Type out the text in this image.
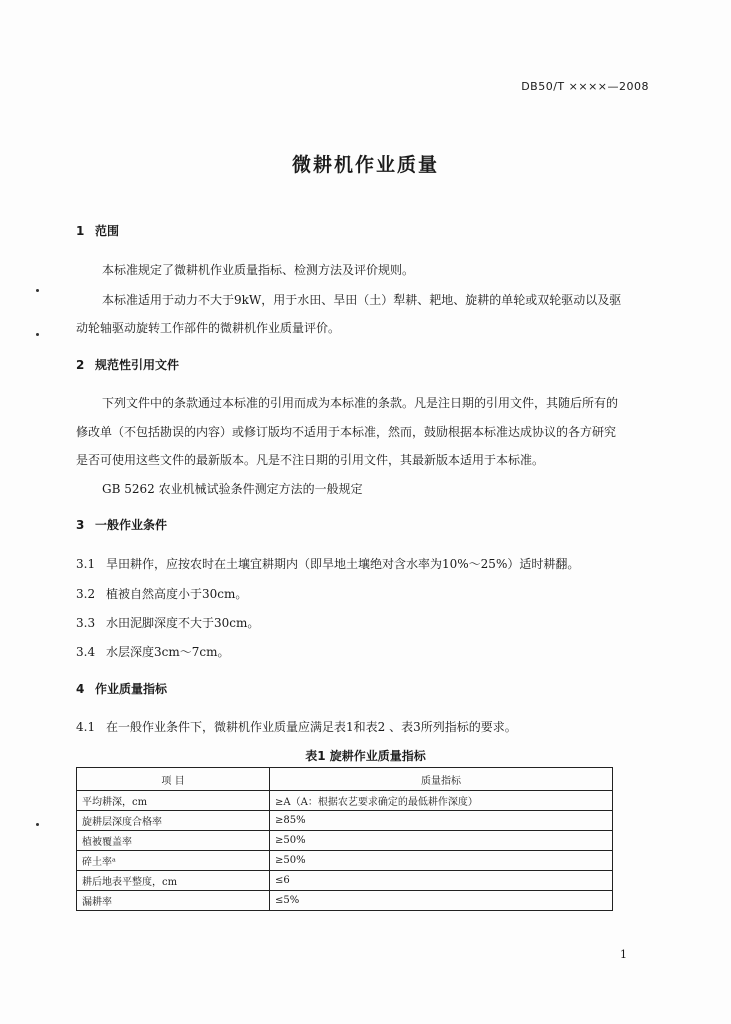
DB50/T ××××—2008
微耕机作业质量
1 范围
本标准规定了微耕机作业质量指标、检测方法及评价规则。
本标准适用于动力不大于9kW，用于水田、旱田（土）犁耕、耙地、旋耕的单轮或双轮驱动以及驱
动轮轴驱动旋转工作部件的微耕机作业质量评价。
2 规范性引用文件
下列文件中的条款通过本标准的引用而成为本标准的条款。凡是注日期的引用文件，其随后所有的
修改单（不包括勘误的内容）或修订版均不适用于本标准，然而，鼓励根据本标准达成协议的各方研究
是否可使用这些文件的最新版本。凡是不注日期的引用文件，其最新版本适用于本标准。
GB 5262 农业机械试验条件测定方法的一般规定
3 一般作业条件
3.1 旱田耕作，应按农时在土壤宜耕期内（即旱地土壤绝对含水率为10%～25%）适时耕翻。
3.2 植被自然高度小于30cm。
3.3 水田泥脚深度不大于30cm。
3.4 水层深度3cm～7cm。
4 作业质量指标
4.1 在一般作业条件下，微耕机作业质量应满足表1和表2 、表3所列指标的要求。
表1 旋耕作业质量指标
项 目	质量指标
平均耕深，cm	≥A（A：根据农艺要求确定的最低耕作深度）
旋耕层深度合格率	≥85%
植被覆盖率	≥50%
碎土率ᵃ	≥50%
耕后地表平整度，cm	≤6
漏耕率	≤5%
1
